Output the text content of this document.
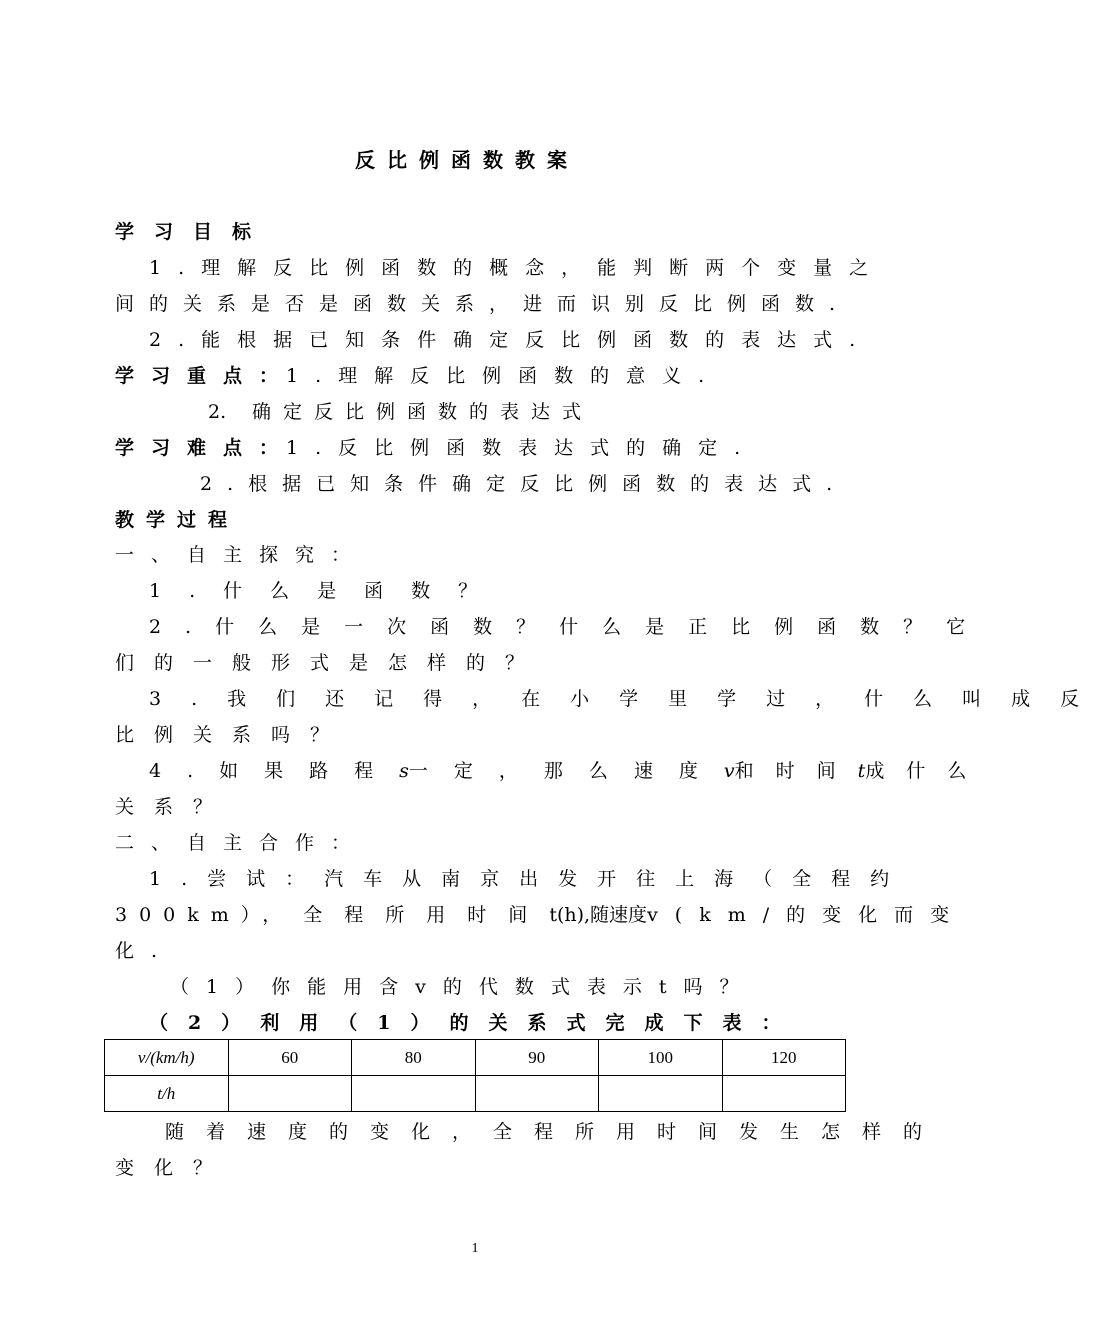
反比例函数教案
学习目标
1.理解反比例函数的概念，能判断两个变量之
间的关系是否是函数关系，进而识别反比例函数.
2.能根据已知条件确定反比例函数的表达式.
学习重点：
1.理解反比例函数的意义.
2. 确定反比例函数的表达式
学习难点：
1.反比例函数表达式的确定.
2.根据已知条件确定反比例函数的表达式.
教学过程
一、自主探究：
1.什么是函数？
2.什么是一次函数？什么是正比例函数？它
们的一般形式是怎样的？
3.我们还记得，在小学里学过，什么叫成反
比例关系吗？
4.如果路程s一定，那么速度v和时间t成什么
关系？
二、自主合作：
1.尝试：汽车从南京出发开往上海（全程约
300km），全程所用时间t(h),随速度v(km/的变化而变
化.
（1）你能用含v的代数式表示t吗？
（2）利用（1）的关系式完成下表：
v/(km/h)	60	80	90	100	120
t/h					
随着速度的变化，全程所用时间发生怎样的
变化？
1
